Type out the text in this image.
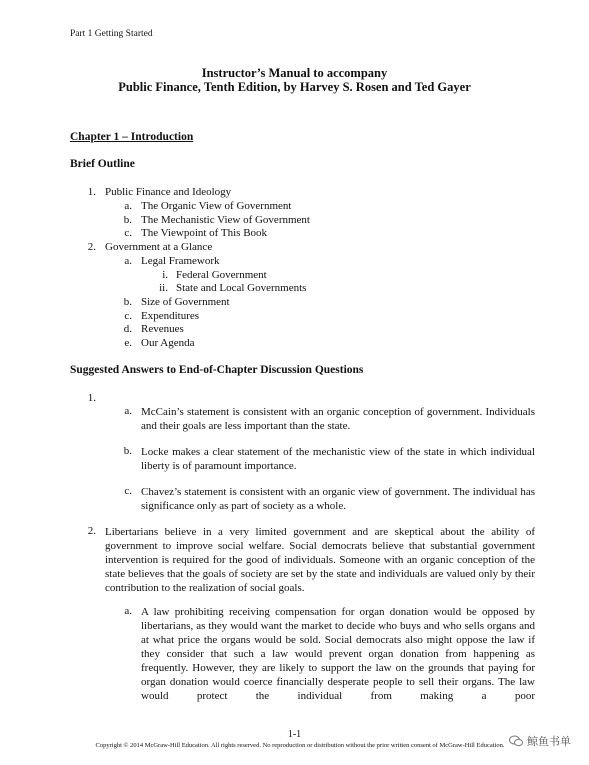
Part 1 Getting Started
Instructor’s Manual to accompany
Public Finance, Tenth Edition, by Harvey S. Rosen and Ted Gayer
Chapter 1 – Introduction
Brief Outline
1. Public Finance and Ideology
a. The Organic View of Government
b. The Mechanistic View of Government
c. The Viewpoint of This Book
2. Government at a Glance
a. Legal Framework
i. Federal Government
ii. State and Local Governments
b. Size of Government
c. Expenditures
d. Revenues
e. Our Agenda
Suggested Answers to End-of-Chapter Discussion Questions
1.
a. McCain’s statement is consistent with an organic conception of government. Individuals and their goals are less important than the state.
b. Locke makes a clear statement of the mechanistic view of the state in which individual liberty is of paramount importance.
c. Chavez’s statement is consistent with an organic view of government. The individual has significance only as part of society as a whole.
2. Libertarians believe in a very limited government and are skeptical about the ability of government to improve social welfare. Social democrats believe that substantial government intervention is required for the good of individuals. Someone with an organic conception of the state believes that the goals of society are set by the state and individuals are valued only by their contribution to the realization of social goals.
a. A law prohibiting receiving compensation for organ donation would be opposed by libertarians, as they would want the market to decide who buys and who sells organs and at what price the organs would be sold. Social democrats also might oppose the law if they consider that such a law would prevent organ donation from happening as frequently. However, they are likely to support the law on the grounds that paying for organ donation would coerce financially desperate people to sell their organs. The law would protect the individual from making a poor
1-1
Copyright © 2014 McGraw-Hill Education. All rights reserved. No reproduction or distribution without the prior written consent of McGraw-Hill Education.	鲸鱼书单
